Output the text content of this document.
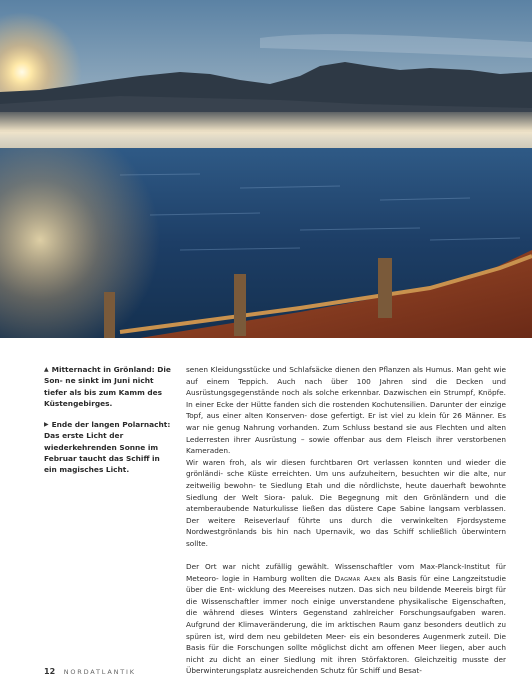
▲ Mitternacht in Grönland: Die Son- ne sinkt im Juni nicht tiefer als bis zum Kamm des Küstengebirges.

▶ Ende der langen Polarnacht: Das erste Licht der wiederkehrenden Sonne im Februar taucht das Schiff in ein magisches Licht.

senen Kleidungsstücke und Schlafsäcke dienen den Pflanzen als Humus. Man geht wie auf einem Teppich. Auch nach über 100 Jahren sind die Decken und Ausrüstungsgegenstände noch als solche erkennbar. Dazwischen ein Strumpf, Knöpfe. In einer Ecke der Hütte fanden sich die rostenden Kochutensilien. Darunter der einzige Topf, aus einer alten Konserven- dose gefertigt. Er ist viel zu klein für 26 Männer. Es war nie genug Nahrung vorhanden. Zum Schluss bestand sie aus Flechten und alten Lederresten ihrer Ausrüstung – sowie offenbar aus dem Fleisch ihrer verstorbenen Kameraden.

Wir waren froh, als wir diesen furchtbaren Ort verlassen konnten und wieder die grönländi- sche Küste erreichten. Um uns aufzuheitern, besuchten wir die alte, nur zeitweilig bewohn- te Siedlung Etah und die nördlichste, heute dauerhaft bewohnte Siedlung der Welt Siora- paluk. Die Begegnung mit den Grönländern und die atemberaubende Naturkulisse ließen das düstere Cape Sabine langsam verblassen. Der weitere Reiseverlauf führte uns durch die verwinkelten Fjordsysteme Nordwestgrönlands bis hin nach Upernavik, wo das Schiff schließlich überwintern sollte.

Der Ort war nicht zufällig gewählt. Wissenschaftler vom Max-Planck-Institut für Meteoro- logie in Hamburg wollten die Dagmar Aaen als Basis für eine Langzeitstudie über die Ent- wicklung des Meereises nutzen. Das sich neu bildende Meereis birgt für die Wissenschaftler immer noch einige unverstandene physikalische Eigenschaften, die während dieses Winters Gegenstand zahlreicher Forschungsaufgaben waren. Aufgrund der Klimaveränderung, die im arktischen Raum ganz besonders deutlich zu spüren ist, wird dem neu gebildeten Meer- eis ein besonderes Augenmerk zuteil. Die Basis für die Forschungen sollte möglichst dicht am offenen Meer liegen, aber auch nicht zu dicht an einer Siedlung mit ihren Störfaktoren. Gleichzeitig musste der Überwinterungsplatz ausreichenden Schutz für Schiff und Besat-

12 NORDATLANTIK
